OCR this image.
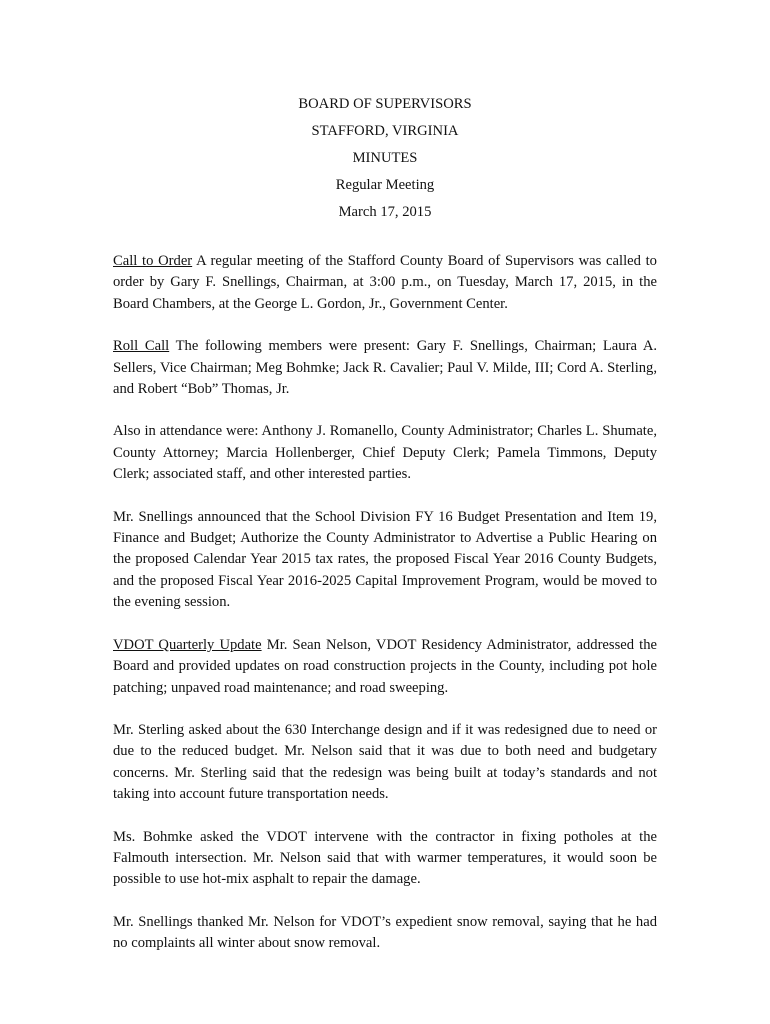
BOARD OF SUPERVISORS

STAFFORD, VIRGINIA

MINUTES

Regular Meeting

March 17, 2015

Call to Order A regular meeting of the Stafford County Board of Supervisors was called to order by Gary F. Snellings, Chairman, at 3:00 p.m., on Tuesday, March 17, 2015, in the Board Chambers, at the George L. Gordon, Jr., Government Center.

Roll Call The following members were present: Gary F. Snellings, Chairman; Laura A. Sellers, Vice Chairman; Meg Bohmke; Jack R. Cavalier; Paul V. Milde, III; Cord A. Sterling, and Robert “Bob” Thomas, Jr.

Also in attendance were: Anthony J. Romanello, County Administrator; Charles L. Shumate, County Attorney; Marcia Hollenberger, Chief Deputy Clerk; Pamela Timmons, Deputy Clerk; associated staff, and other interested parties.

Mr. Snellings announced that the School Division FY 16 Budget Presentation and Item 19, Finance and Budget; Authorize the County Administrator to Advertise a Public Hearing on the proposed Calendar Year 2015 tax rates, the proposed Fiscal Year 2016 County Budgets, and the proposed Fiscal Year 2016-2025 Capital Improvement Program, would be moved to the evening session.

VDOT Quarterly Update Mr. Sean Nelson, VDOT Residency Administrator, addressed the Board and provided updates on road construction projects in the County, including pot hole patching; unpaved road maintenance; and road sweeping.

Mr. Sterling asked about the 630 Interchange design and if it was redesigned due to need or due to the reduced budget. Mr. Nelson said that it was due to both need and budgetary concerns. Mr. Sterling said that the redesign was being built at today’s standards and not taking into account future transportation needs.

Ms. Bohmke asked the VDOT intervene with the contractor in fixing potholes at the Falmouth intersection. Mr. Nelson said that with warmer temperatures, it would soon be possible to use hot-mix asphalt to repair the damage.

Mr. Snellings thanked Mr. Nelson for VDOT’s expedient snow removal, saying that he had no complaints all winter about snow removal.
